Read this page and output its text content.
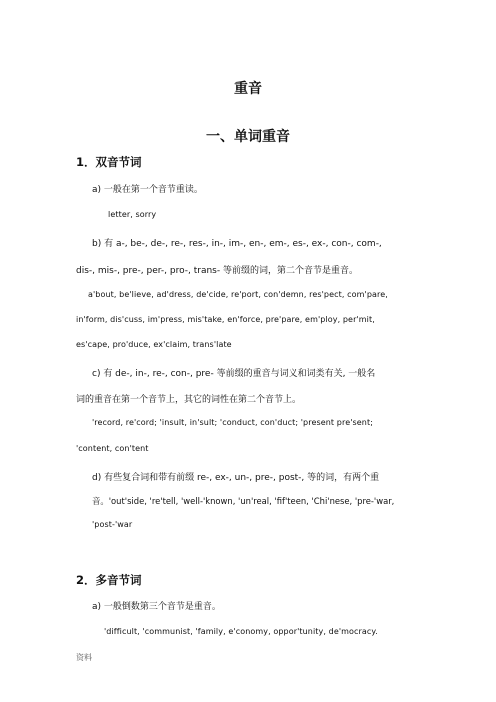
重音

一、单词重音

1．双音节词

a) 一般在第一个音节重读。

letter, sorry

b) 有 a-, be-, de-, re-, res-, in-, im-, en-, em-, es-, ex-, con-, com-,

dis-, mis-, pre-, per-, pro-, trans- 等前缀的词，第二个音节是重音。

a'bout, be'lieve, ad'dress, de'cide, re'port, con'demn, res'pect, com'pare,

in'form, dis'cuss, im'press, mis'take, en'force, pre'pare, em'ploy, per'mit,

es'cape, pro'duce, ex'claim, trans'late

c) 有 de-, in-, re-, con-, pre- 等前缀的重音与词义和词类有关, 一般名

词的重音在第一个音节上，其它的词性在第二个音节上。

'record, re'cord; 'insult, in'sult; 'conduct, con'duct; 'present pre'sent;

'content, con'tent

d) 有些复合词和带有前缀 re-, ex-, un-, pre-, post-, 等的词，有两个重

音。'out'side, 're'tell, 'well-'known, 'un'real, 'fif'teen, 'Chi'nese, 'pre-'war,

'post-'war

2．多音节词

a) 一般倒数第三个音节是重音。

'difficult, 'communist, 'family, e'conomy, oppor'tunity, de'mocracy.

资料
